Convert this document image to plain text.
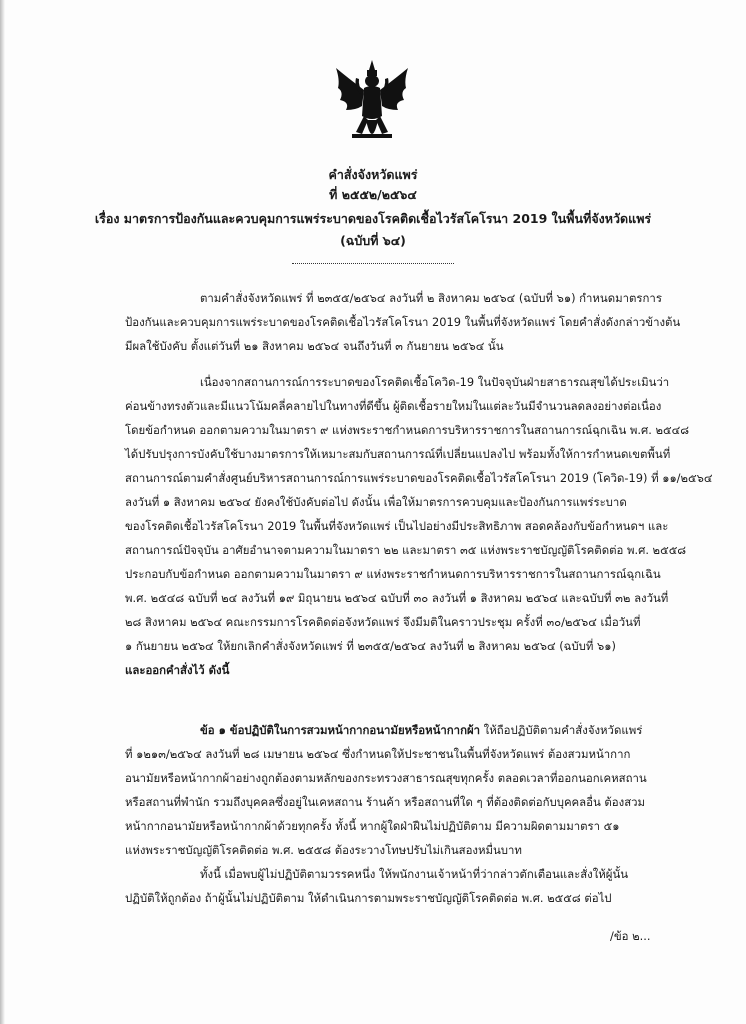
คำสั่งจังหวัดแพร่
ที่ ๒๕๕๒/๒๕๖๔
เรื่อง มาตรการป้องกันและควบคุมการแพร่ระบาดของโรคติดเชื้อไวรัสโคโรนา 2019 ในพื้นที่จังหวัดแพร่
(ฉบับที่ ๖๔)
ตามคำสั่งจังหวัดแพร่ ที่ ๒๓๕๕/๒๕๖๔ ลงวันที่ ๒ สิงหาคม ๒๕๖๔ (ฉบับที่ ๖๑) กำหนดมาตรการ
ป้องกันและควบคุมการแพร่ระบาดของโรคติดเชื้อไวรัสโคโรนา 2019 ในพื้นที่จังหวัดแพร่ โดยคำสั่งดังกล่าวข้างต้น
มีผลใช้บังคับ ตั้งแต่วันที่ ๒๑ สิงหาคม ๒๕๖๔ จนถึงวันที่ ๓ กันยายน ๒๕๖๔ นั้น
เนื่องจากสถานการณ์การระบาดของโรคติดเชื้อโควิด-19 ในปัจจุบันฝ่ายสาธารณสุขได้ประเมินว่า
ค่อนข้างทรงตัวและมีแนวโน้มคลี่คลายไปในทางที่ดีขึ้น ผู้ติดเชื้อรายใหม่ในแต่ละวันมีจำนวนลดลงอย่างต่อเนื่อง
โดยข้อกำหนด ออกตามความในมาตรา ๙ แห่งพระราชกำหนดการบริหารราชการในสถานการณ์ฉุกเฉิน พ.ศ. ๒๕๔๘
ได้ปรับปรุงการบังคับใช้บางมาตรการให้เหมาะสมกับสถานการณ์ที่เปลี่ยนแปลงไป พร้อมทั้งให้การกำหนดเขตพื้นที่
สถานการณ์ตามคำสั่งศูนย์บริหารสถานการณ์การแพร่ระบาดของโรคติดเชื้อไวรัสโคโรนา 2019 (โควิด-19) ที่ ๑๑/๒๕๖๔
ลงวันที่ ๑ สิงหาคม ๒๕๖๔ ยังคงใช้บังคับต่อไป ดังนั้น เพื่อให้มาตรการควบคุมและป้องกันการแพร่ระบาด
ของโรคติดเชื้อไวรัสโคโรนา 2019 ในพื้นที่จังหวัดแพร่ เป็นไปอย่างมีประสิทธิภาพ สอดคล้องกับข้อกำหนดฯ และ
สถานการณ์ปัจจุบัน อาศัยอำนาจตามความในมาตรา ๒๒ และมาตรา ๓๕ แห่งพระราชบัญญัติโรคติดต่อ พ.ศ. ๒๕๕๘
ประกอบกับข้อกำหนด ออกตามความในมาตรา ๙ แห่งพระราชกำหนดการบริหารราชการในสถานการณ์ฉุกเฉิน
พ.ศ. ๒๕๔๘ ฉบับที่ ๒๔ ลงวันที่ ๑๙ มิถุนายน ๒๕๖๔ ฉบับที่ ๓๐ ลงวันที่ ๑ สิงหาคม ๒๕๖๔ และฉบับที่ ๓๒ ลงวันที่
๒๘ สิงหาคม ๒๕๖๔ คณะกรรมการโรคติดต่อจังหวัดแพร่ จึงมีมติในคราวประชุม ครั้งที่ ๓๐/๒๕๖๔ เมื่อวันที่
๑ กันยายน ๒๕๖๔ ให้ยกเลิกคำสั่งจังหวัดแพร่ ที่ ๒๓๕๕/๒๕๖๔ ลงวันที่ ๒ สิงหาคม ๒๕๖๔ (ฉบับที่ ๖๑)
และออกคำสั่งไว้ ดังนี้
ข้อ ๑ ข้อปฏิบัติในการสวมหน้ากากอนามัยหรือหน้ากากผ้า ให้ถือปฏิบัติตามคำสั่งจังหวัดแพร่
ที่ ๑๒๑๓/๒๕๖๔ ลงวันที่ ๒๘ เมษายน ๒๕๖๔ ซึ่งกำหนดให้ประชาชนในพื้นที่จังหวัดแพร่ ต้องสวมหน้ากาก
อนามัยหรือหน้ากากผ้าอย่างถูกต้องตามหลักของกระทรวงสาธารณสุขทุกครั้ง ตลอดเวลาที่ออกนอกเคหสถาน
หรือสถานที่พำนัก รวมถึงบุคคลซึ่งอยู่ในเคหสถาน ร้านค้า หรือสถานที่ใด ๆ ที่ต้องติดต่อกับบุคคลอื่น ต้องสวม
หน้ากากอนามัยหรือหน้ากากผ้าด้วยทุกครั้ง ทั้งนี้ หากผู้ใดฝ่าฝืนไม่ปฏิบัติตาม มีความผิดตามมาตรา ๕๑
แห่งพระราชบัญญัติโรคติดต่อ พ.ศ. ๒๕๕๘ ต้องระวางโทษปรับไม่เกินสองหมื่นบาท
ทั้งนี้ เมื่อพบผู้ไม่ปฏิบัติตามวรรคหนึ่ง ให้พนักงานเจ้าหน้าที่ว่ากล่าวตักเตือนและสั่งให้ผู้นั้น
ปฏิบัติให้ถูกต้อง ถ้าผู้นั้นไม่ปฏิบัติตาม ให้ดำเนินการตามพระราชบัญญัติโรคติดต่อ พ.ศ. ๒๕๕๘ ต่อไป
/ข้อ ๒...
